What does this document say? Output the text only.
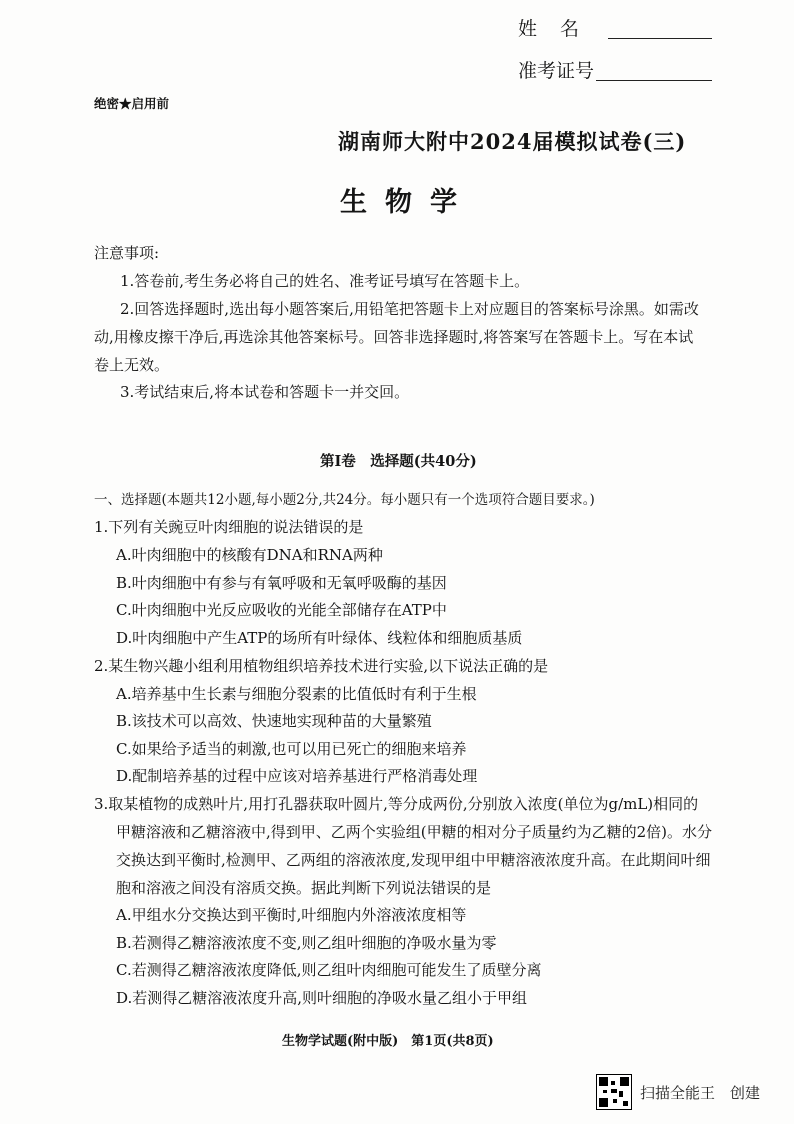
姓　名
准考证号
绝密★启用前
湖南师大附中2024届模拟试卷(三)
生物学
注意事项:
1.答卷前,考生务必将自己的姓名、准考证号填写在答题卡上。
2.回答选择题时,选出每小题答案后,用铅笔把答题卡上对应题目的答案标号涂黑。如需改
动,用橡皮擦干净后,再选涂其他答案标号。回答非选择题时,将答案写在答题卡上。写在本试
卷上无效。
3.考试结束后,将本试卷和答题卡一并交回。
第Ⅰ卷　选择题(共40分)
一、选择题(本题共12小题,每小题2分,共24分。每小题只有一个选项符合题目要求。)
1.下列有关豌豆叶肉细胞的说法错误的是
A.叶肉细胞中的核酸有DNA和RNA两种
B.叶肉细胞中有参与有氧呼吸和无氧呼吸酶的基因
C.叶肉细胞中光反应吸收的光能全部储存在ATP中
D.叶肉细胞中产生ATP的场所有叶绿体、线粒体和细胞质基质
2.某生物兴趣小组利用植物组织培养技术进行实验,以下说法正确的是
A.培养基中生长素与细胞分裂素的比值低时有利于生根
B.该技术可以高效、快速地实现种苗的大量繁殖
C.如果给予适当的刺激,也可以用已死亡的细胞来培养
D.配制培养基的过程中应该对培养基进行严格消毒处理
3.取某植物的成熟叶片,用打孔器获取叶圆片,等分成两份,分别放入浓度(单位为g/mL)相同的
甲糖溶液和乙糖溶液中,得到甲、乙两个实验组(甲糖的相对分子质量约为乙糖的2倍)。水分
交换达到平衡时,检测甲、乙两组的溶液浓度,发现甲组中甲糖溶液浓度升高。在此期间叶细
胞和溶液之间没有溶质交换。据此判断下列说法错误的是
A.甲组水分交换达到平衡时,叶细胞内外溶液浓度相等
B.若测得乙糖溶液浓度不变,则乙组叶细胞的净吸水量为零
C.若测得乙糖溶液浓度降低,则乙组叶肉细胞可能发生了质壁分离
D.若测得乙糖溶液浓度升高,则叶细胞的净吸水量乙组小于甲组
生物学试题(附中版)　第1页(共8页)
扫描全能王　创建
